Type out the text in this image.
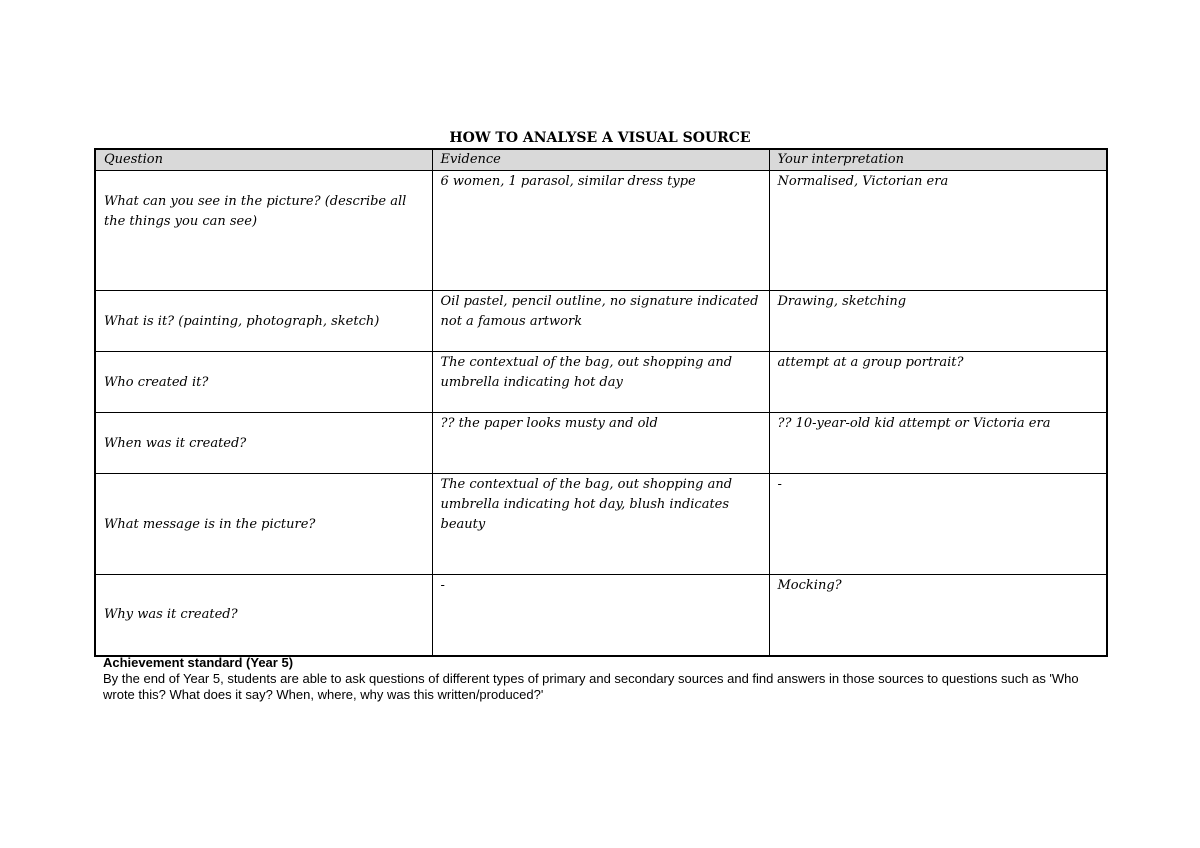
HOW TO ANALYSE A VISUAL SOURCE
Question	Evidence	Your interpretation

What can you see in the picture? (describe all the things you can see)	6 women, 1 parasol, similar dress type	Normalised, Victorian era

What is it? (painting, photograph, sketch)	Oil pastel, pencil outline, no signature indicated not a famous artwork	Drawing, sketching

Who created it?	The contextual of the bag, out shopping and umbrella indicating hot day	attempt at a group portrait?

When was it created?	?? the paper looks musty and old	?? 10-year-old kid attempt or Victoria era

What message is in the picture?	The contextual of the bag, out shopping and umbrella indicating hot day, blush indicates beauty	-

Why was it created?	-	Mocking?
Achievement standard (Year 5)
By the end of Year 5, students are able to ask questions of different types of primary and secondary sources and find answers in those sources to questions such as 'Who wrote this? What does it say? When, where, why was this written/produced?'
